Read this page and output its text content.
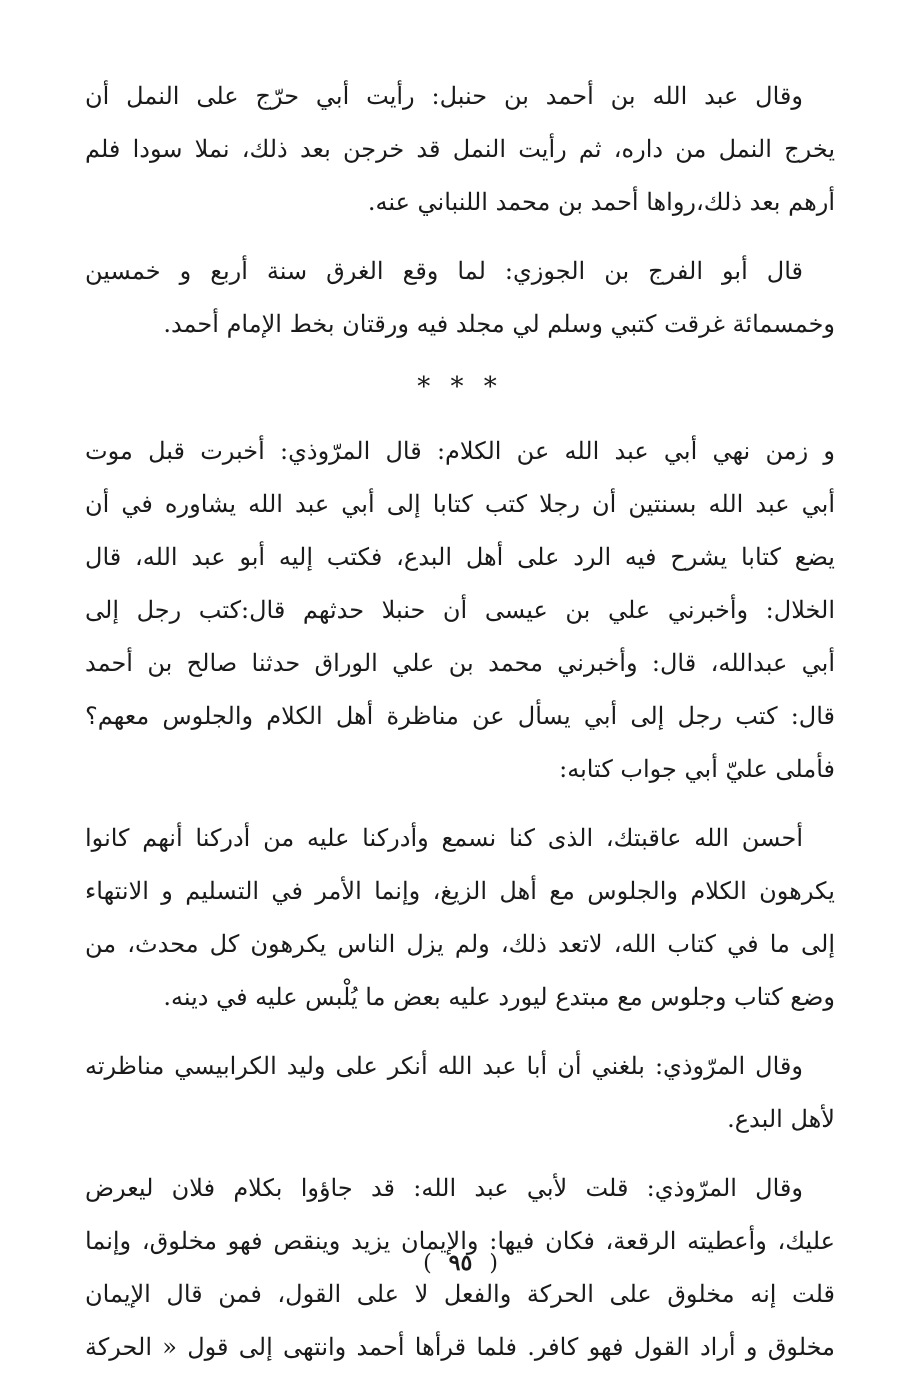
وقال عبد الله بن أحمد بن حنبل: رأيت أبي حرّج على النمل أن
يخرج النمل من داره، ثم رأيت النمل قد خرجن بعد ذلك، نملا سودا فلم
أرهم بعد ذلك،رواها أحمد بن محمد اللنباني عنه.
قال أبو الفرج بن الجوزي: لما وقع الغرق سنة أربع و خمسين
وخمسمائة غرقت كتبي وسلم لي مجلد فيه ورقتان بخط الإمام أحمد.
* * *
و زمن نهي أبي عبد الله عن الكلام: قال المرّوذي: أخبرت قبل موت
أبي عبد الله بسنتين أن رجلا كتب كتابا إلى أبي عبد الله يشاوره في أن
يضع كتابا يشرح فيه الرد على أهل البدع، فكتب إليه أبو عبد الله، قال
الخلال: وأخبرني علي بن عيسى أن حنبلا حدثهم قال:كتب رجل إلى
أبي عبدالله، قال: وأخبرني محمد بن علي الوراق حدثنا صالح بن أحمد
قال: كتب رجل إلى أبي يسأل عن مناظرة أهل الكلام والجلوس معهم؟
فأملى عليّ أبي جواب كتابه:
أحسن الله عاقبتك، الذى كنا نسمع وأدركنا عليه من أدركنا أنهم كانوا
يكرهون الكلام والجلوس مع أهل الزيغ، وإنما الأمر في التسليم و الانتهاء
إلى ما في كتاب الله، لاتعد ذلك، ولم يزل الناس يكرهون كل محدث، من
وضع كتاب وجلوس مع مبتدع ليورد عليه بعض ما يُلْبس عليه في دينه.
وقال المرّوذي: بلغني أن أبا عبد الله أنكر على وليد الكرابيسي مناظرته
لأهل البدع.
وقال المرّوذي: قلت لأبي عبد الله: قد جاؤوا بكلام فلان ليعرض
عليك، وأعطيته الرقعة، فكان فيها: والإيمان يزيد وينقص فهو مخلوق، وإنما
قلت إنه مخلوق على الحركة والفعل لا على القول، فمن قال الإيمان
مخلوق و أراد القول فهو كافر. فلما قرأها أحمد وانتهى إلى قول « الحركة
( ٩٥ )
